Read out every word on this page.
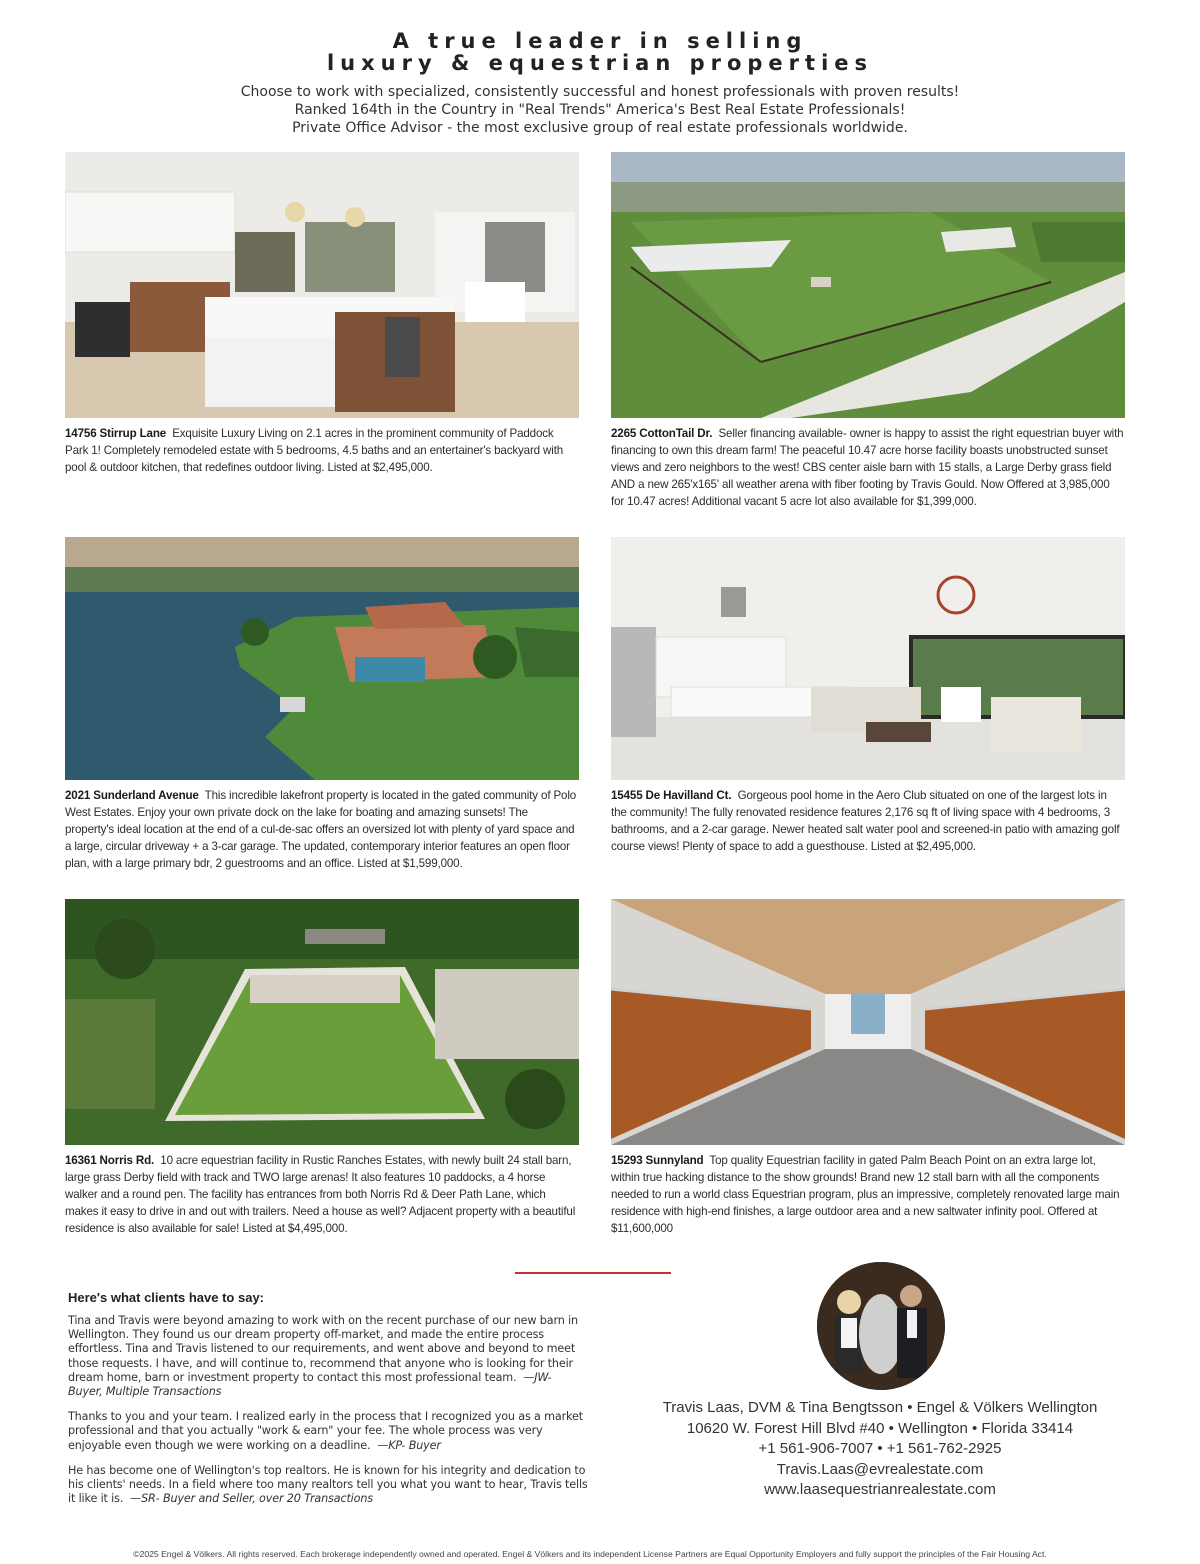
A true leader in selling
luxury & equestrian properties
Choose to work with specialized, consistently successful and honest professionals with proven results!
Ranked 164th in the Country in "Real Trends" America's Best Real Estate Professionals!
Private Office Advisor - the most exclusive group of real estate professionals worldwide.
14756 Stirrup Lane Exquisite Luxury Living on 2.1 acres in the prominent community of Paddock Park 1! Completely remodeled estate with 5 bedrooms, 4.5 baths and an entertainer's backyard with pool & outdoor kitchen, that redefines outdoor living. Listed at $2,495,000.
2265 CottonTail Dr. Seller financing available- owner is happy to assist the right equestrian buyer with financing to own this dream farm! The peaceful 10.47 acre horse facility boasts unobstructed sunset views and zero neighbors to the west! CBS center aisle barn with 15 stalls, a Large Derby grass field AND a new 265'x165' all weather arena with fiber footing by Travis Gould. Now Offered at 3,985,000 for 10.47 acres! Additional vacant 5 acre lot also available for $1,399,000.
2021 Sunderland Avenue This incredible lakefront property is located in the gated community of Polo West Estates. Enjoy your own private dock on the lake for boating and amazing sunsets! The property's ideal location at the end of a cul-de-sac offers an oversized lot with plenty of yard space and a large, circular driveway + a 3-car garage. The updated, contemporary interior features an open floor plan, with a large primary bdr, 2 guestrooms and an office. Listed at $1,599,000.
15455 De Havilland Ct. Gorgeous pool home in the Aero Club situated on one of the largest lots in the community! The fully renovated residence features 2,176 sq ft of living space with 4 bedrooms, 3 bathrooms, and a 2-car garage. Newer heated salt water pool and screened-in patio with amazing golf course views! Plenty of space to add a guesthouse. Listed at $2,495,000.
16361 Norris Rd. 10 acre equestrian facility in Rustic Ranches Estates, with newly built 24 stall barn, large grass Derby field with track and TWO large arenas! It also features 10 paddocks, a 4 horse walker and a round pen. The facility has entrances from both Norris Rd & Deer Path Lane, which makes it easy to drive in and out with trailers. Need a house as well? Adjacent property with a beautiful residence is also available for sale! Listed at $4,495,000.
15293 Sunnyland Top quality Equestrian facility in gated Palm Beach Point on an extra large lot, within true hacking distance to the show grounds! Brand new 12 stall barn with all the components needed to run a world class Equestrian program, plus an impressive, completely renovated large main residence with high-end finishes, a large outdoor area and a new saltwater infinity pool. Offered at $11,600,000
Here's what clients have to say:

Tina and Travis were beyond amazing to work with on the recent purchase of our new barn in Wellington. They found us our dream property off-market, and made the entire process effortless. Tina and Travis listened to our requirements, and went above and beyond to meet those requests. I have, and will continue to, recommend that anyone who is looking for their dream home, barn or investment property to contact this most professional team. —JW- Buyer, Multiple Transactions

Thanks to you and your team. I realized early in the process that I recognized you as a market professional and that you actually "work & earn" your fee. The whole process was very enjoyable even though we were working on a deadline. —KP- Buyer

He has become one of Wellington's top realtors. He is known for his integrity and dedication to his clients' needs. In a field where too many realtors tell you what you want to hear, Travis tells it like it is. —SR- Buyer and Seller, over 20 Transactions

Travis Laas, DVM & Tina Bengtsson • Engel & Völkers Wellington
10620 W. Forest Hill Blvd #40 • Wellington • Florida 33414
+1 561-906-7007 • +1 561-762-2925
Travis.Laas@evrealestate.com
www.laasequestrianrealestate.com
©2025 Engel & Völkers. All rights reserved. Each brokerage independently owned and operated. Engel & Völkers and its independent License Partners are Equal Opportunity Employers and fully support the principles of the Fair Housing Act.
